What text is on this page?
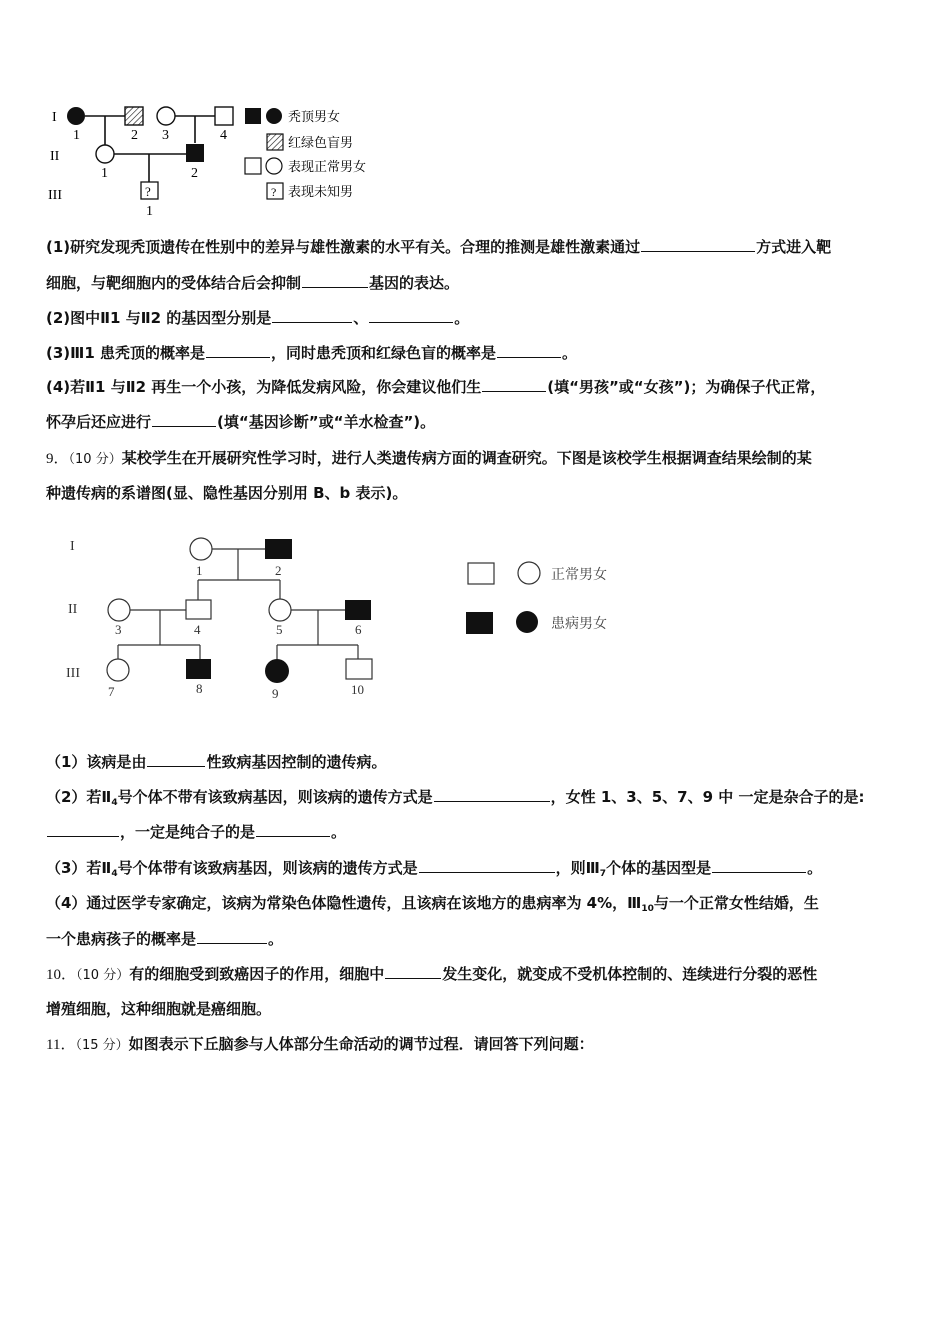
?
I
II
III
1	2 3	4
1	2
1
秃顶男女
红绿色盲男
表现正常男女
? 表现未知男
(1)研究发现秃顶遗传在性别中的差异与雄性激素的水平有关。合理的推测是雄性激素通过	方式进入靶
细胞，与靶细胞内的受体结合后会抑制	基因的表达。
(2)图中Ⅱ1 与Ⅱ2 的基因型分别是	、	。
(3)Ⅲ1 患秃顶的概率是	，同时患秃顶和红绿色盲的概率是	。
(4)若Ⅱ1 与Ⅱ2 再生一个小孩，为降低发病风险，你会建议他们生	(填“男孩”或“女孩”)；为确保子代正常，
怀孕后还应进行	(填“基因诊断”或“羊水检查”)。
9．（10 分）某校学生在开展研究性学习时，进行人类遗传病方面的调查研究。下图是该校学生根据调查结果绘制的某
种遗传病的系谱图(显、隐性基因分别用 B、b 表示)。
I
II
III
1	2
3	4	5	6
7	8	9	10
正常男女
患病男女
（1）该病是由	性致病基因控制的遗传病。
（2）若$Ⅱ_4$号个体不带有该致病基因，则该病的遗传方式是	，女性 1、3、5、7、9 中 一定是杂合子的是:
，一定是纯合子的是	。
（3）若$Ⅱ_4$号个体带有该致病基因，则该病的遗传方式是	，则$Ⅲ_7$个体的基因型是	。
（4）通过医学专家确定，该病为常染色体隐性遗传，且该病在该地方的患病率为 4%，$Ⅲ_{10}$与一个正常女性结婚，生
一个患病孩子的概率是	。
10．（10 分）有的细胞受到致癌因子的作用，细胞中	发生变化，就变成不受机体控制的、连续进行分裂的恶性
增殖细胞，这种细胞就是癌细胞。
11．（15 分）如图表示下丘脑参与人体部分生命活动的调节过程．请回答下列问题：
